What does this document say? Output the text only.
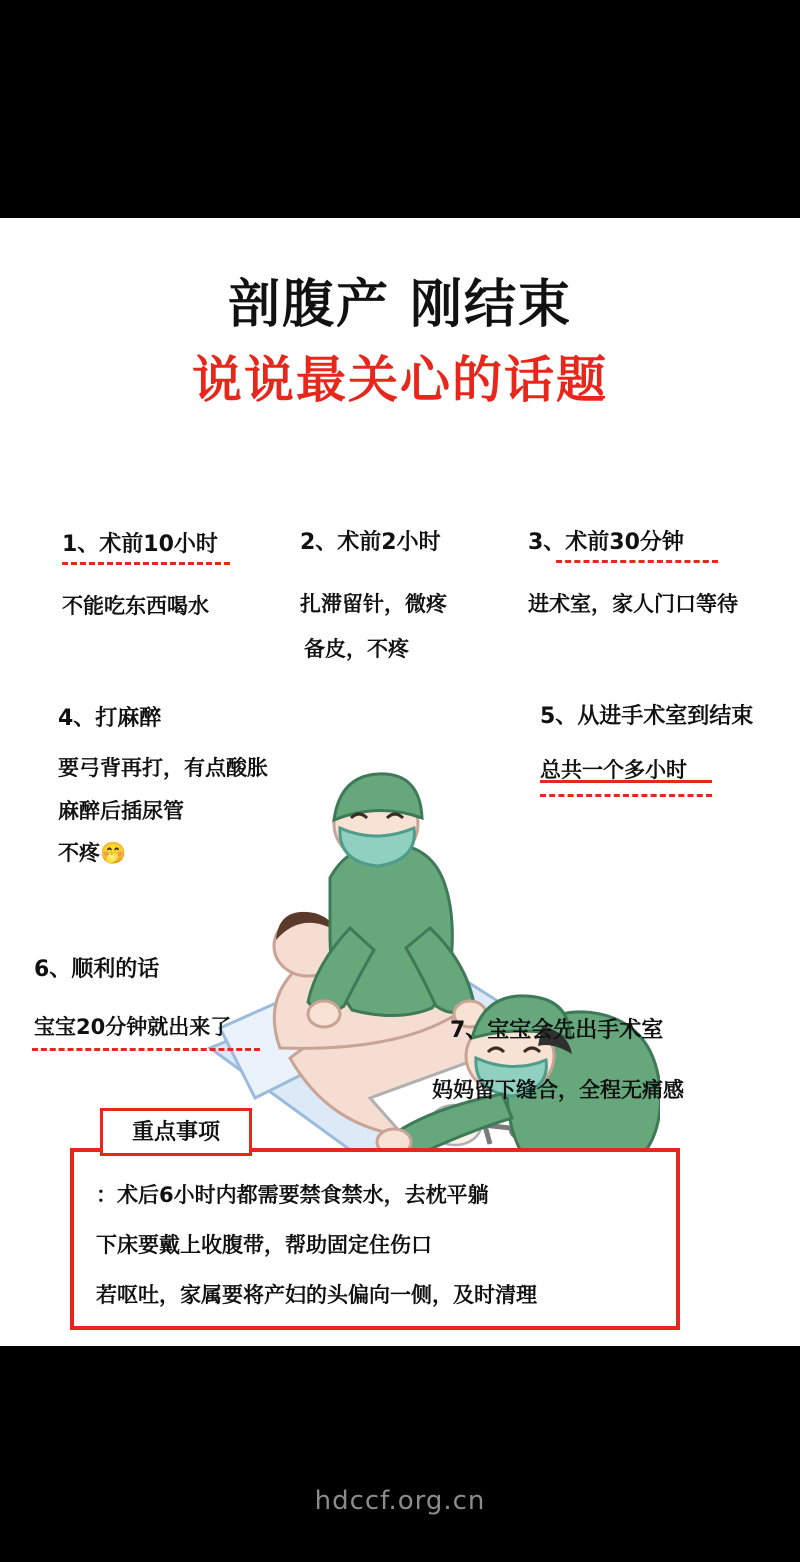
剖腹产 刚结束
说说最关心的话题
1、术前10小时
不能吃东西喝水
2、术前2小时
扎滞留针，微疼
备皮，不疼
3、术前30分钟
进术室，家人门口等待
4、打麻醉
要弓背再打，有点酸胀
麻醉后插尿管
不疼🤭
5、从进手术室到结束
总共一个多小时
6、顺利的话
宝宝20分钟就出来了	7、宝宝会先出手术室
妈妈留下缝合，全程无痛感
重点事项
：术后6小时内都需要禁食禁水，去枕平躺
下床要戴上收腹带，帮助固定住伤口
若呕吐，家属要将产妇的头偏向一侧，及时清理
hdccf.org.cn
